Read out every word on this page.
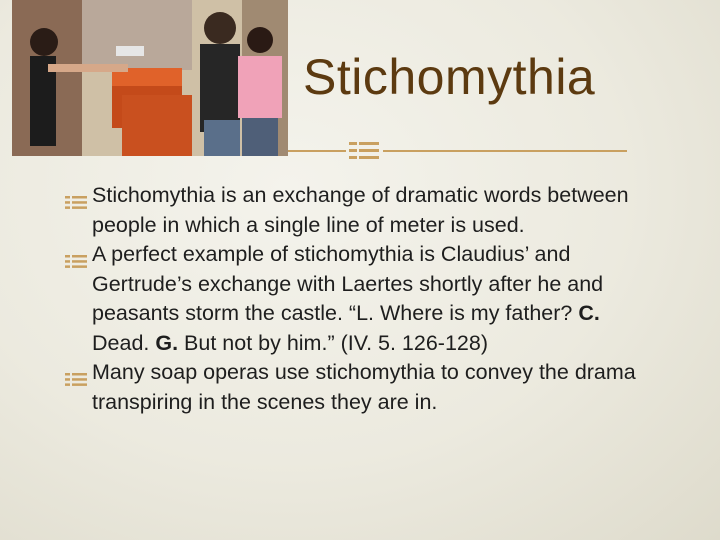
Stichomythia
Stichomythia is an exchange of dramatic words between people in which a single line of meter is used.
A perfect example of stichomythia is Claudius’ and Gertrude’s exchange with Laertes shortly after he and peasants storm the castle. “L. Where is my father? C. Dead. G. But not by him.” (IV. 5. 126-128)
Many soap operas use stichomythia to convey the drama transpiring in the scenes they are in.
